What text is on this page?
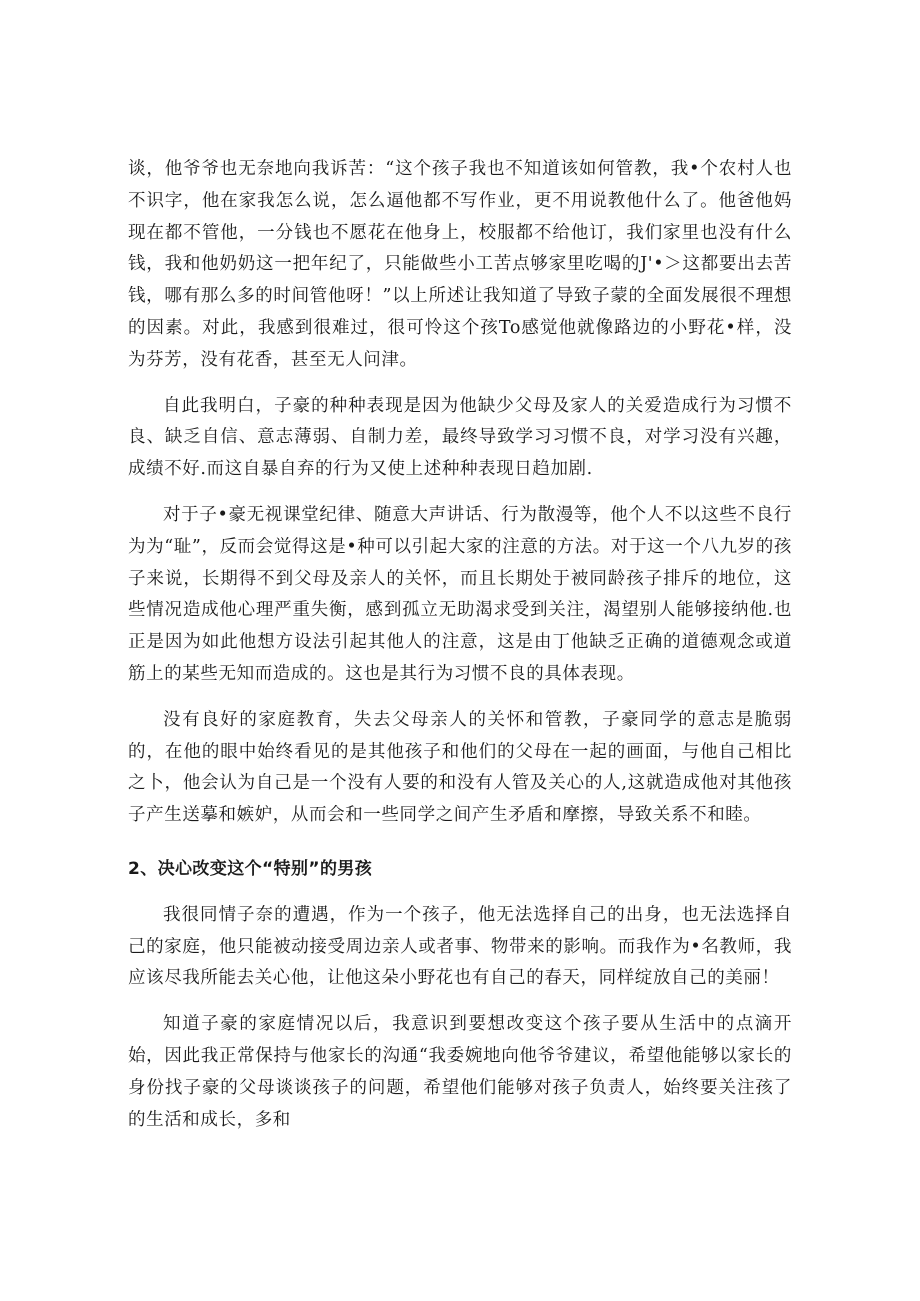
谈，他爷爷也无奈地向我诉苦：“这个孩子我也不知道该如何管教，我•个农村人也不识字，他在家我怎么说，怎么逼他都不写作业，更不用说教他什么了。他爸他妈现在都不管他，一分钱也不愿花在他身上，校服都不给他订，我们家里也没有什么钱，我和他奶奶这一把年纪了，只能做些小工苦点够家里吃喝的J'•＞这都要出去苦钱，哪有那么多的时间管他呀！”以上所述让我知道了导致子蒙的全面发展很不理想的因素。对此，我感到很难过，很可怜这个孩To感觉他就像路边的小野花•样，没为芬芳，没有花香，甚至无人问津。

自此我明白，子豪的种种表现是因为他缺少父母及家人的关爱造成行为习惯不良、缺乏自信、意志薄弱、自制力差，最终导致学习习惯不良，对学习没有兴趣，成绩不好.而这自暴自弃的行为又使上述种种表现日趋加剧.

对于子•豪无视课堂纪律、随意大声讲话、行为散漫等，他个人不以这些不良行为为“耻”，反而会觉得这是•种可以引起大家的注意的方法。对于这一个八九岁的孩子来说，长期得不到父母及亲人的关怀，而且长期处于被同龄孩子排斥的地位，这些情况造成他心理严重失衡，感到孤立无助渴求受到关注，渴望别人能够接纳他.也正是因为如此他想方设法引起其他人的注意，这是由丁他缺乏正确的道德观念或道筋上的某些无知而造成的。这也是其行为习惯不良的具体表现。

没有良好的家庭教育，失去父母亲人的关怀和管教，子豪同学的意志是脆弱的，在他的眼中始终看见的是其他孩子和他们的父母在一起的画面，与他自己相比之卜，他会认为自己是一个没有人要的和没有人管及关心的人,这就造成他对其他孩子产生送摹和嫉妒，从而会和一些同学之间产生矛盾和摩擦，导致关系不和睦。

2、决心改变这个“特别”的男孩

我很同情子奈的遭遇，作为一个孩子，他无法选择自己的出身，也无法选择自己的家庭，他只能被动接受周边亲人或者事、物带来的影响。而我作为•名教师，我应该尽我所能去关心他，让他这朵小野花也有自己的春天，同样绽放自己的美丽！

知道子豪的家庭情况以后，我意识到要想改变这个孩子要从生活中的点滴开始，因此我正常保持与他家长的沟通“我委婉地向他爷爷建议，希望他能够以家长的身份找子豪的父母谈谈孩子的问题，希望他们能够对孩子负责人，始终要关注孩了的生活和成长，多和
